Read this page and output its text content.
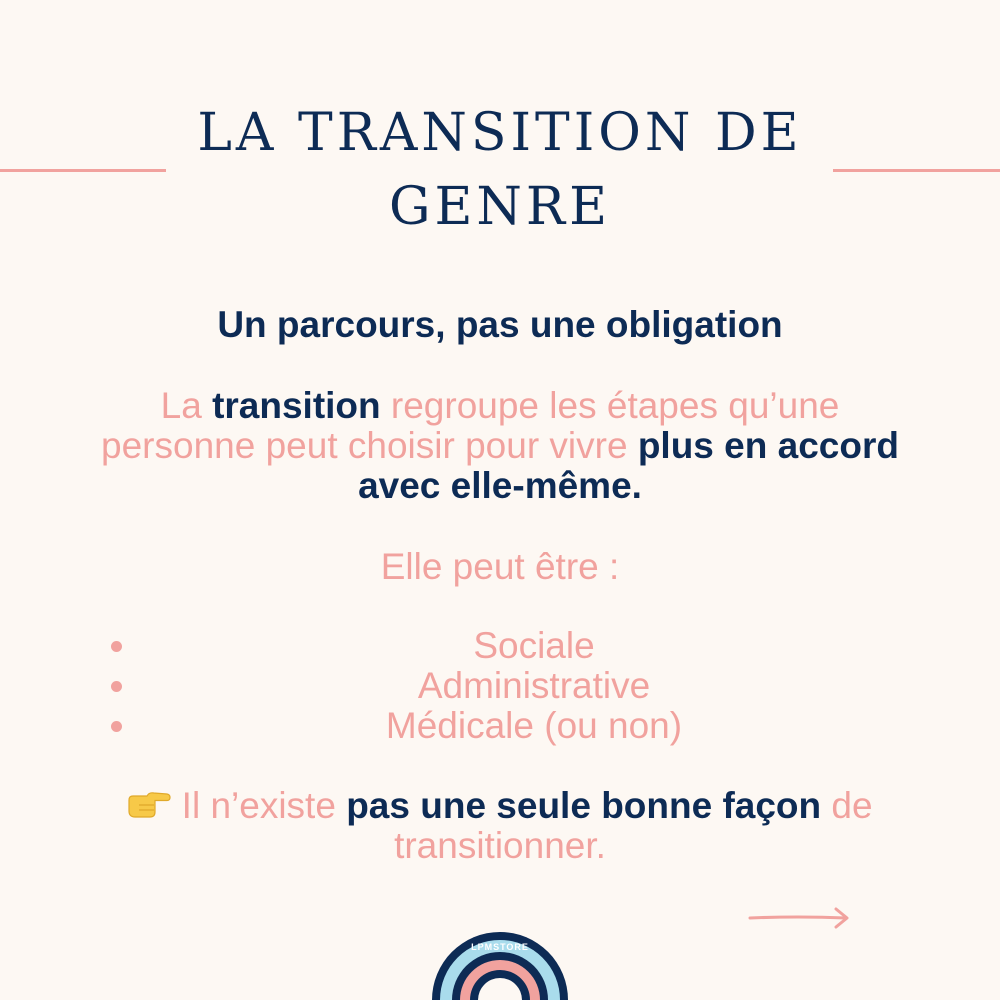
LA TRANSITION DE
GENRE

Un parcours, pas une obligation

La transition regroupe les étapes qu’une personne peut choisir pour vivre plus en accord avec elle-même.

Elle peut être :

Sociale
Administrative
Médicale (ou non)

Il n’existe pas une seule bonne façon de transitionner.

LPMSTORE
